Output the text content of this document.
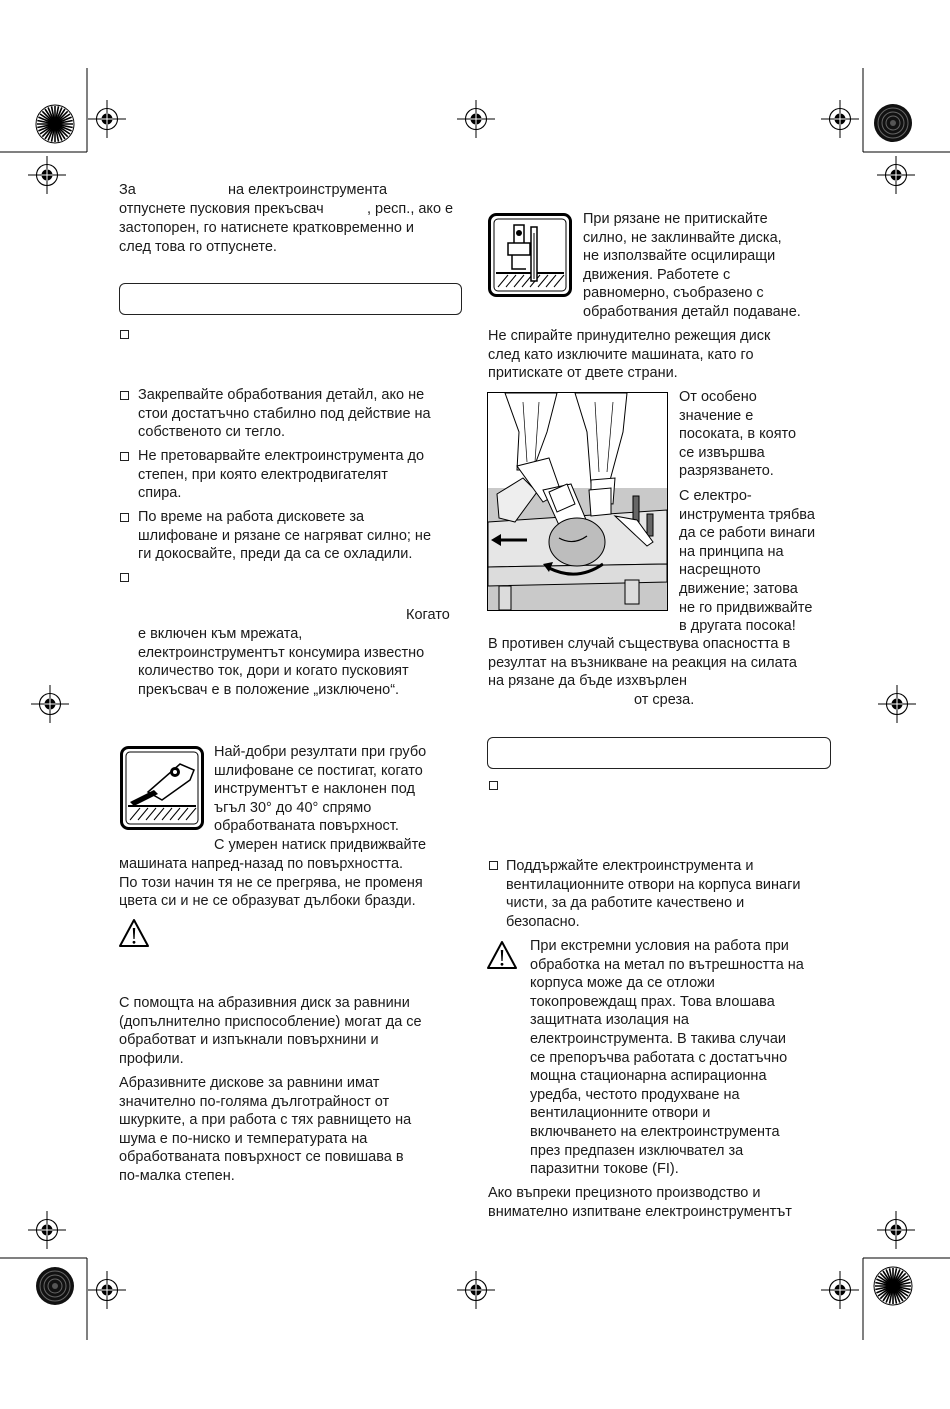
За	на електроинструмента
отпуснете пусковия прекъсвач	, респ., ако е
застопорен, го натиснете кратковременно и
след това го отпуснете.
Закрепвайте обработвания детайл, ако не
стои достатъчно стабилно под действие на
собственото си тегло.
Не претоварвайте електроинструмента до
степен, при която електродвигателят
спира.
По време на работа дисковете за
шлифоване и рязане се нагряват силно; не
ги докосвайте, преди да са се охладили.
Когато
е включен към мрежата,
електроинструментът консумира известно
количество ток, дори и когато пусковият
прекъсвач е в положение „изключено“.
Най-добри резултати при грубо
шлифоване се постигат, когато
инструментът е наклонен под
ъгъл 30° до 40° спрямо
обработваната повърхност.
С умерен натиск придвижвайте
машината напред-назад по повърхността.
По този начин тя не се прегрява, не променя
цвета си и не се образуват дълбоки бразди.
С помощта на абразивния диск за равнини
(допълнително приспособление) могат да се
обработват и изпъкнали повърхнини и
профили.
Абразивните дискове за равнини имат
значително по-голяма дълготрайност от
шкурките, а при работа с тях равнището на
шума е по-ниско и температурата на
обработваната повърхност се повишава в
по-малка степен.
При рязане не притискайте
силно, не заклинвайте диска,
не използвайте осцилиращи
движения. Работете с
равномерно, съобразено с
обработвания детайл подаване.
Не спирайте принудително режещия диск
след като изключите машината, като го
притискате от двете страни.
От особено
значение е
посоката, в която
се извършва
разрязването.
С електро-
инструмента трябва
да се работи винаги
на принципа на
насрещното
движение; затова
не го придвижвайте
в другата посока!
В противен случай съществува опасността в
резултат на възникване на реакция на силата
на рязане да бъде изхвърлен
от среза.
Поддържайте електроинструмента и
вентилационните отвори на корпуса винаги
чисти, за да работите качествено и
безопасно.
При екстремни условия на работа при
обработка на метал по вътрешността на
корпуса може да се отложи
токопровеждащ прах. Това влошава
защитната изолация на
електроинструмента. В такива случаи
се препоръчва работата с достатъчно
мощна стационарна аспирационна
уредба, честото продухване на
вентилационните отвори и
включването на електроинструмента
през предпазен изключвател за
паразитни токове (FI).
Ако въпреки прецизното производство и
внимателно изпитване електроинструментът
